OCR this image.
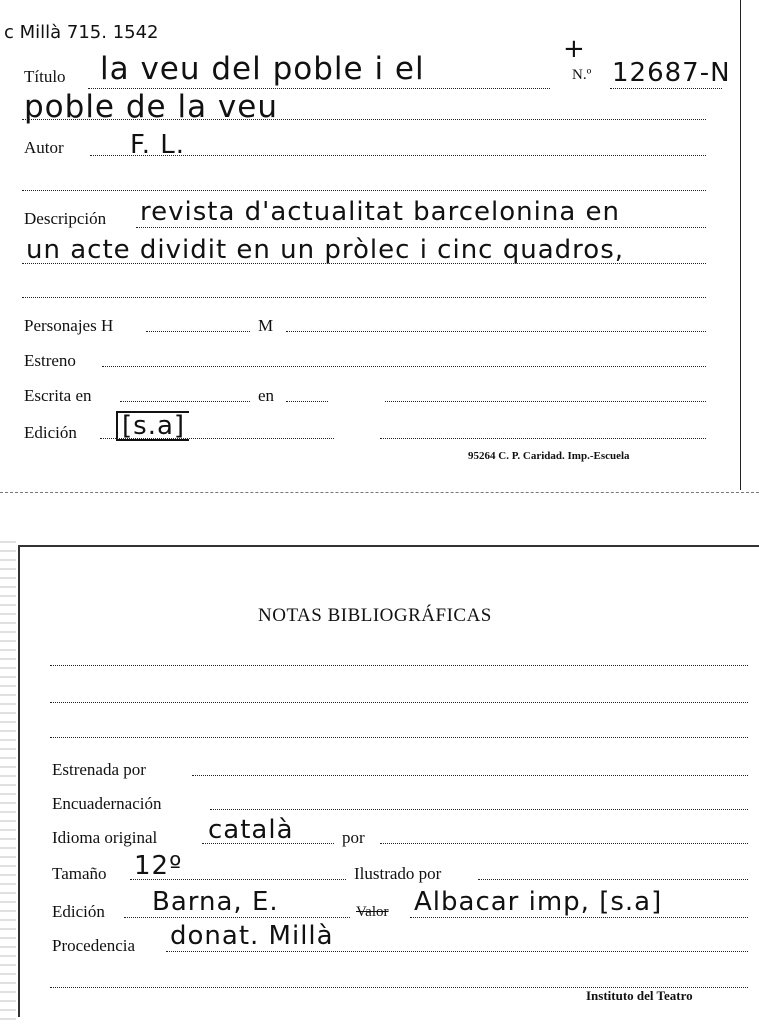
c Millà 715. 1542
+
Título la veu del poble i el	N.º 12687-N
poble de la veu
Autor	F. L.
Descripción revista d'actualitat barcelonina en
un acte dividit en un pròlec i cinc quadros,
Personajes H	M
Estreno
Escrita en	en
Edición [s.a]
95264 C. P. Caridad. Imp.-Escuela
NOTAS BIBLIOGRÁFICAS
Estrenada por
Encuadernación
Idioma original català	por
Tamaño 12º	Ilustrado por
Edición Barna, E.	Valor Albacar imp, [s.a]
Procedencia donat. Millà
Instituto del Teatro
